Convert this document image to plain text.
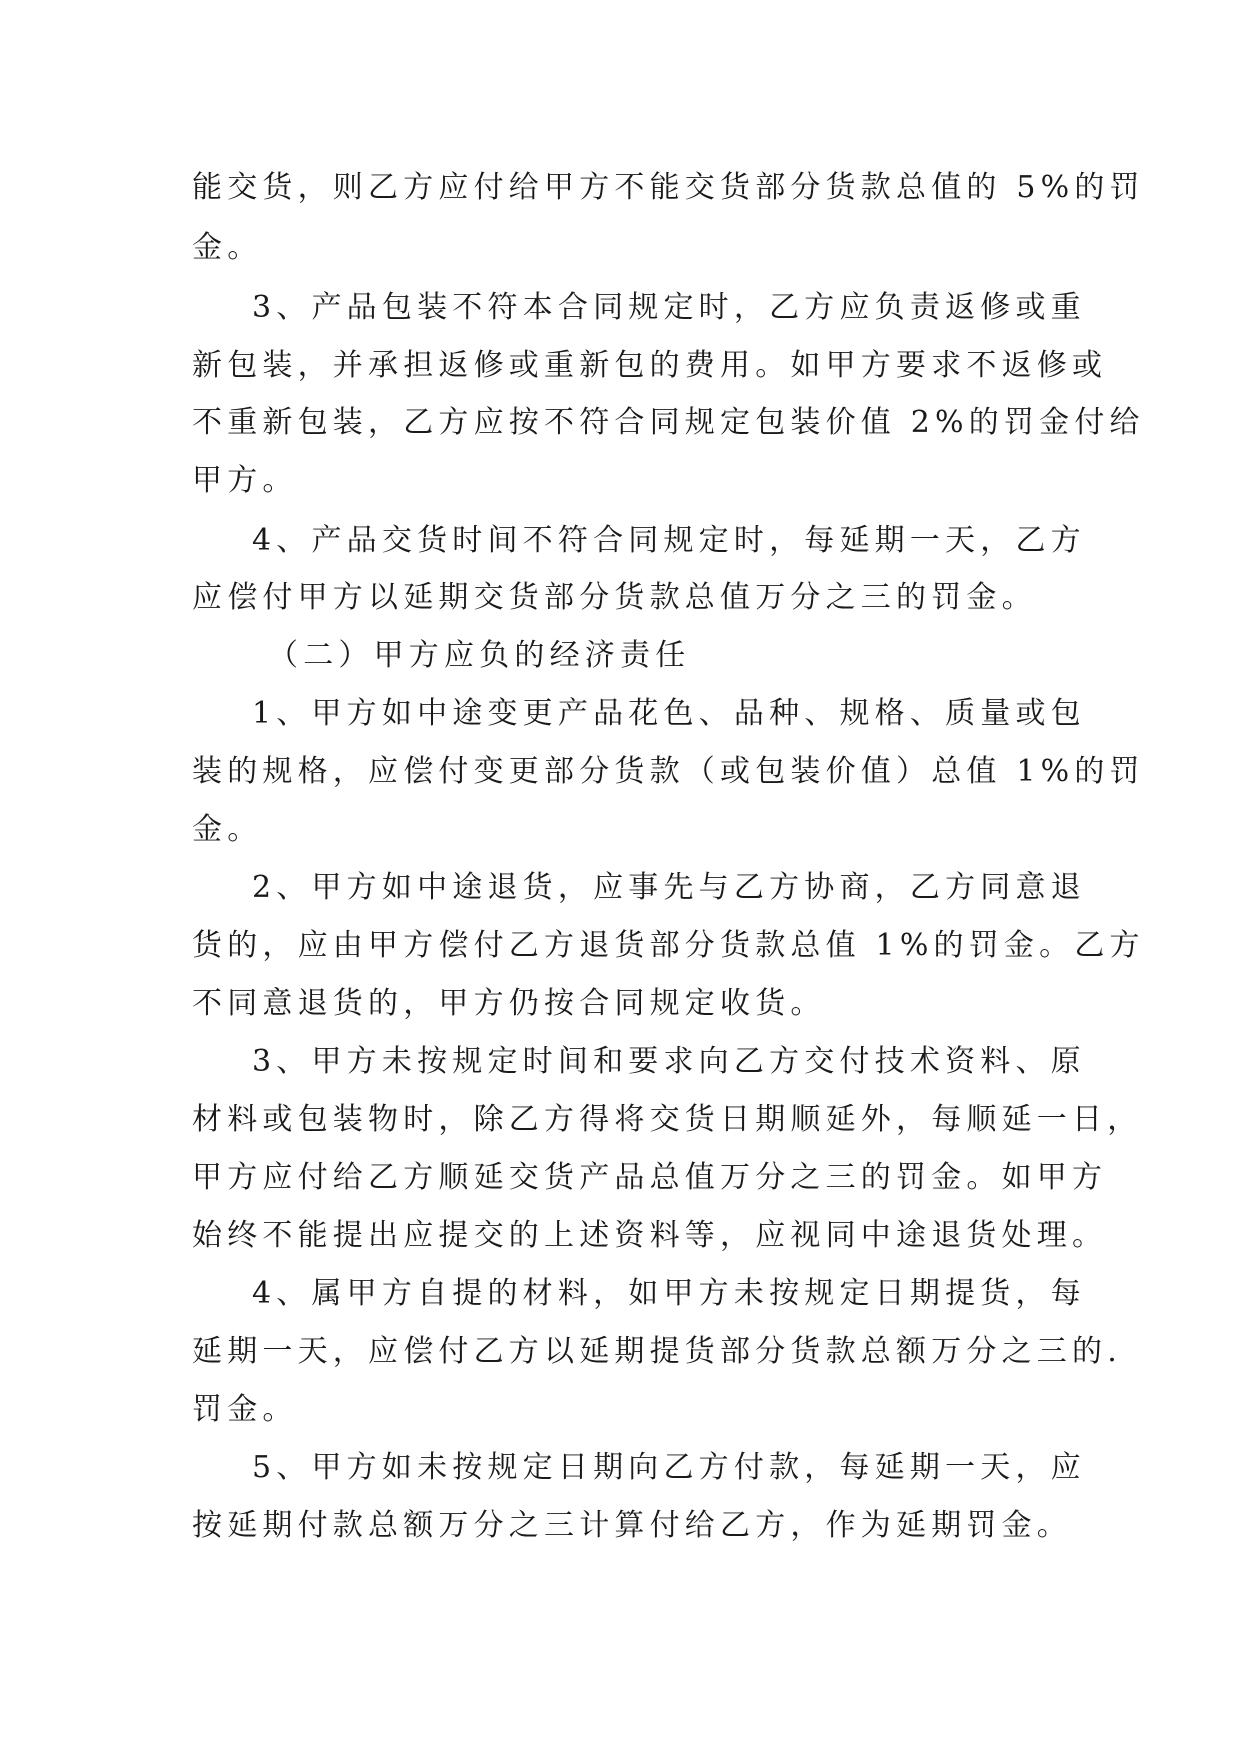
能交货，则乙方应付给甲方不能交货部分货款总值的 5%的罚
金。
3、产品包装不符本合同规定时，乙方应负责返修或重
新包装，并承担返修或重新包的费用。如甲方要求不返修或
不重新包装，乙方应按不符合同规定包装价值 2%的罚金付给
甲方。
4、产品交货时间不符合同规定时，每延期一天，乙方
应偿付甲方以延期交货部分货款总值万分之三的罚金。
（二）甲方应负的经济责任
1、甲方如中途变更产品花色、品种、规格、质量或包
装的规格，应偿付变更部分货款（或包装价值）总值 1%的罚
金。
2、甲方如中途退货，应事先与乙方协商，乙方同意退
货的，应由甲方偿付乙方退货部分货款总值 1%的罚金。乙方
不同意退货的，甲方仍按合同规定收货。
3、甲方未按规定时间和要求向乙方交付技术资料、原
材料或包装物时，除乙方得将交货日期顺延外，每顺延一日，
甲方应付给乙方顺延交货产品总值万分之三的罚金。如甲方
始终不能提出应提交的上述资料等，应视同中途退货处理。
4、属甲方自提的材料，如甲方未按规定日期提货，每
延期一天，应偿付乙方以延期提货部分货款总额万分之三的.
罚金。
5、甲方如未按规定日期向乙方付款，每延期一天，应
按延期付款总额万分之三计算付给乙方，作为延期罚金。
